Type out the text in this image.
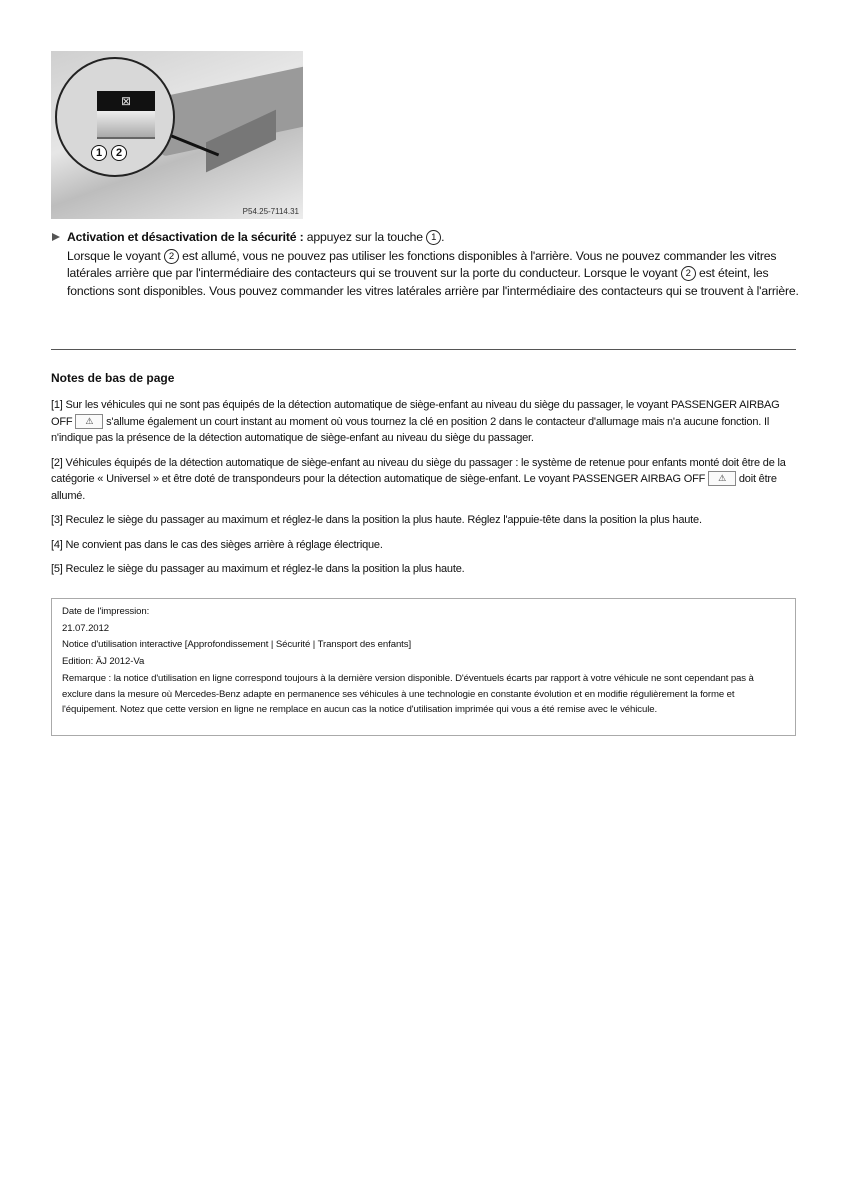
⊠
1	2
P54.25-7114.31
Activation et désactivation de la sécurité : appuyez sur la touche 1 .
Lorsque le voyant 2 est allumé, vous ne pouvez pas utiliser les fonctions disponibles à l'arrière. Vous ne pouvez commander les vitres latérales arrière que par l'intermédiaire des contacteurs qui se trouvent sur la porte du conducteur. Lorsque le voyant 2 est éteint, les fonctions sont disponibles. Vous pouvez commander les vitres latérales arrière par l'intermédiaire des contacteurs qui se trouvent à l'arrière.
Notes de bas de page

[1] Sur les véhicules qui ne sont pas équipés de la détection automatique de siège-enfant au niveau du siège du passager, le voyant PASSENGER AIRBAG OFF ⚠ s'allume également un court instant au moment où vous tournez la clé en position 2 dans le contacteur d'allumage mais n'a aucune fonction. Il n'indique pas la présence de la détection automatique de siège-enfant au niveau du siège du passager.

[2] Véhicules équipés de la détection automatique de siège-enfant au niveau du siège du passager : le système de retenue pour enfants monté doit être de la catégorie « Universel » et être doté de transpondeurs pour la détection automatique de siège-enfant. Le voyant PASSENGER AIRBAG OFF ⚠ doit être allumé.

[3] Reculez le siège du passager au maximum et réglez-le dans la position la plus haute. Réglez l'appuie-tête dans la position la plus haute.

[4] Ne convient pas dans le cas des sièges arrière à réglage électrique.

[5] Reculez le siège du passager au maximum et réglez-le dans la position la plus haute.

Date de l'impression:
21.07.2012
Notice d'utilisation interactive [Approfondissement | Sécurité | Transport des enfants]
Edition: ÄJ 2012-Va
Remarque : la notice d'utilisation en ligne correspond toujours à la dernière version disponible. D'éventuels écarts par rapport à votre véhicule ne sont cependant pas à exclure dans la mesure où Mercedes-Benz adapte en permanence ses véhicules à une technologie en constante évolution et en modifie régulièrement la forme et l'équipement. Notez que cette version en ligne ne remplace en aucun cas la notice d'utilisation imprimée qui vous a été remise avec le véhicule.
